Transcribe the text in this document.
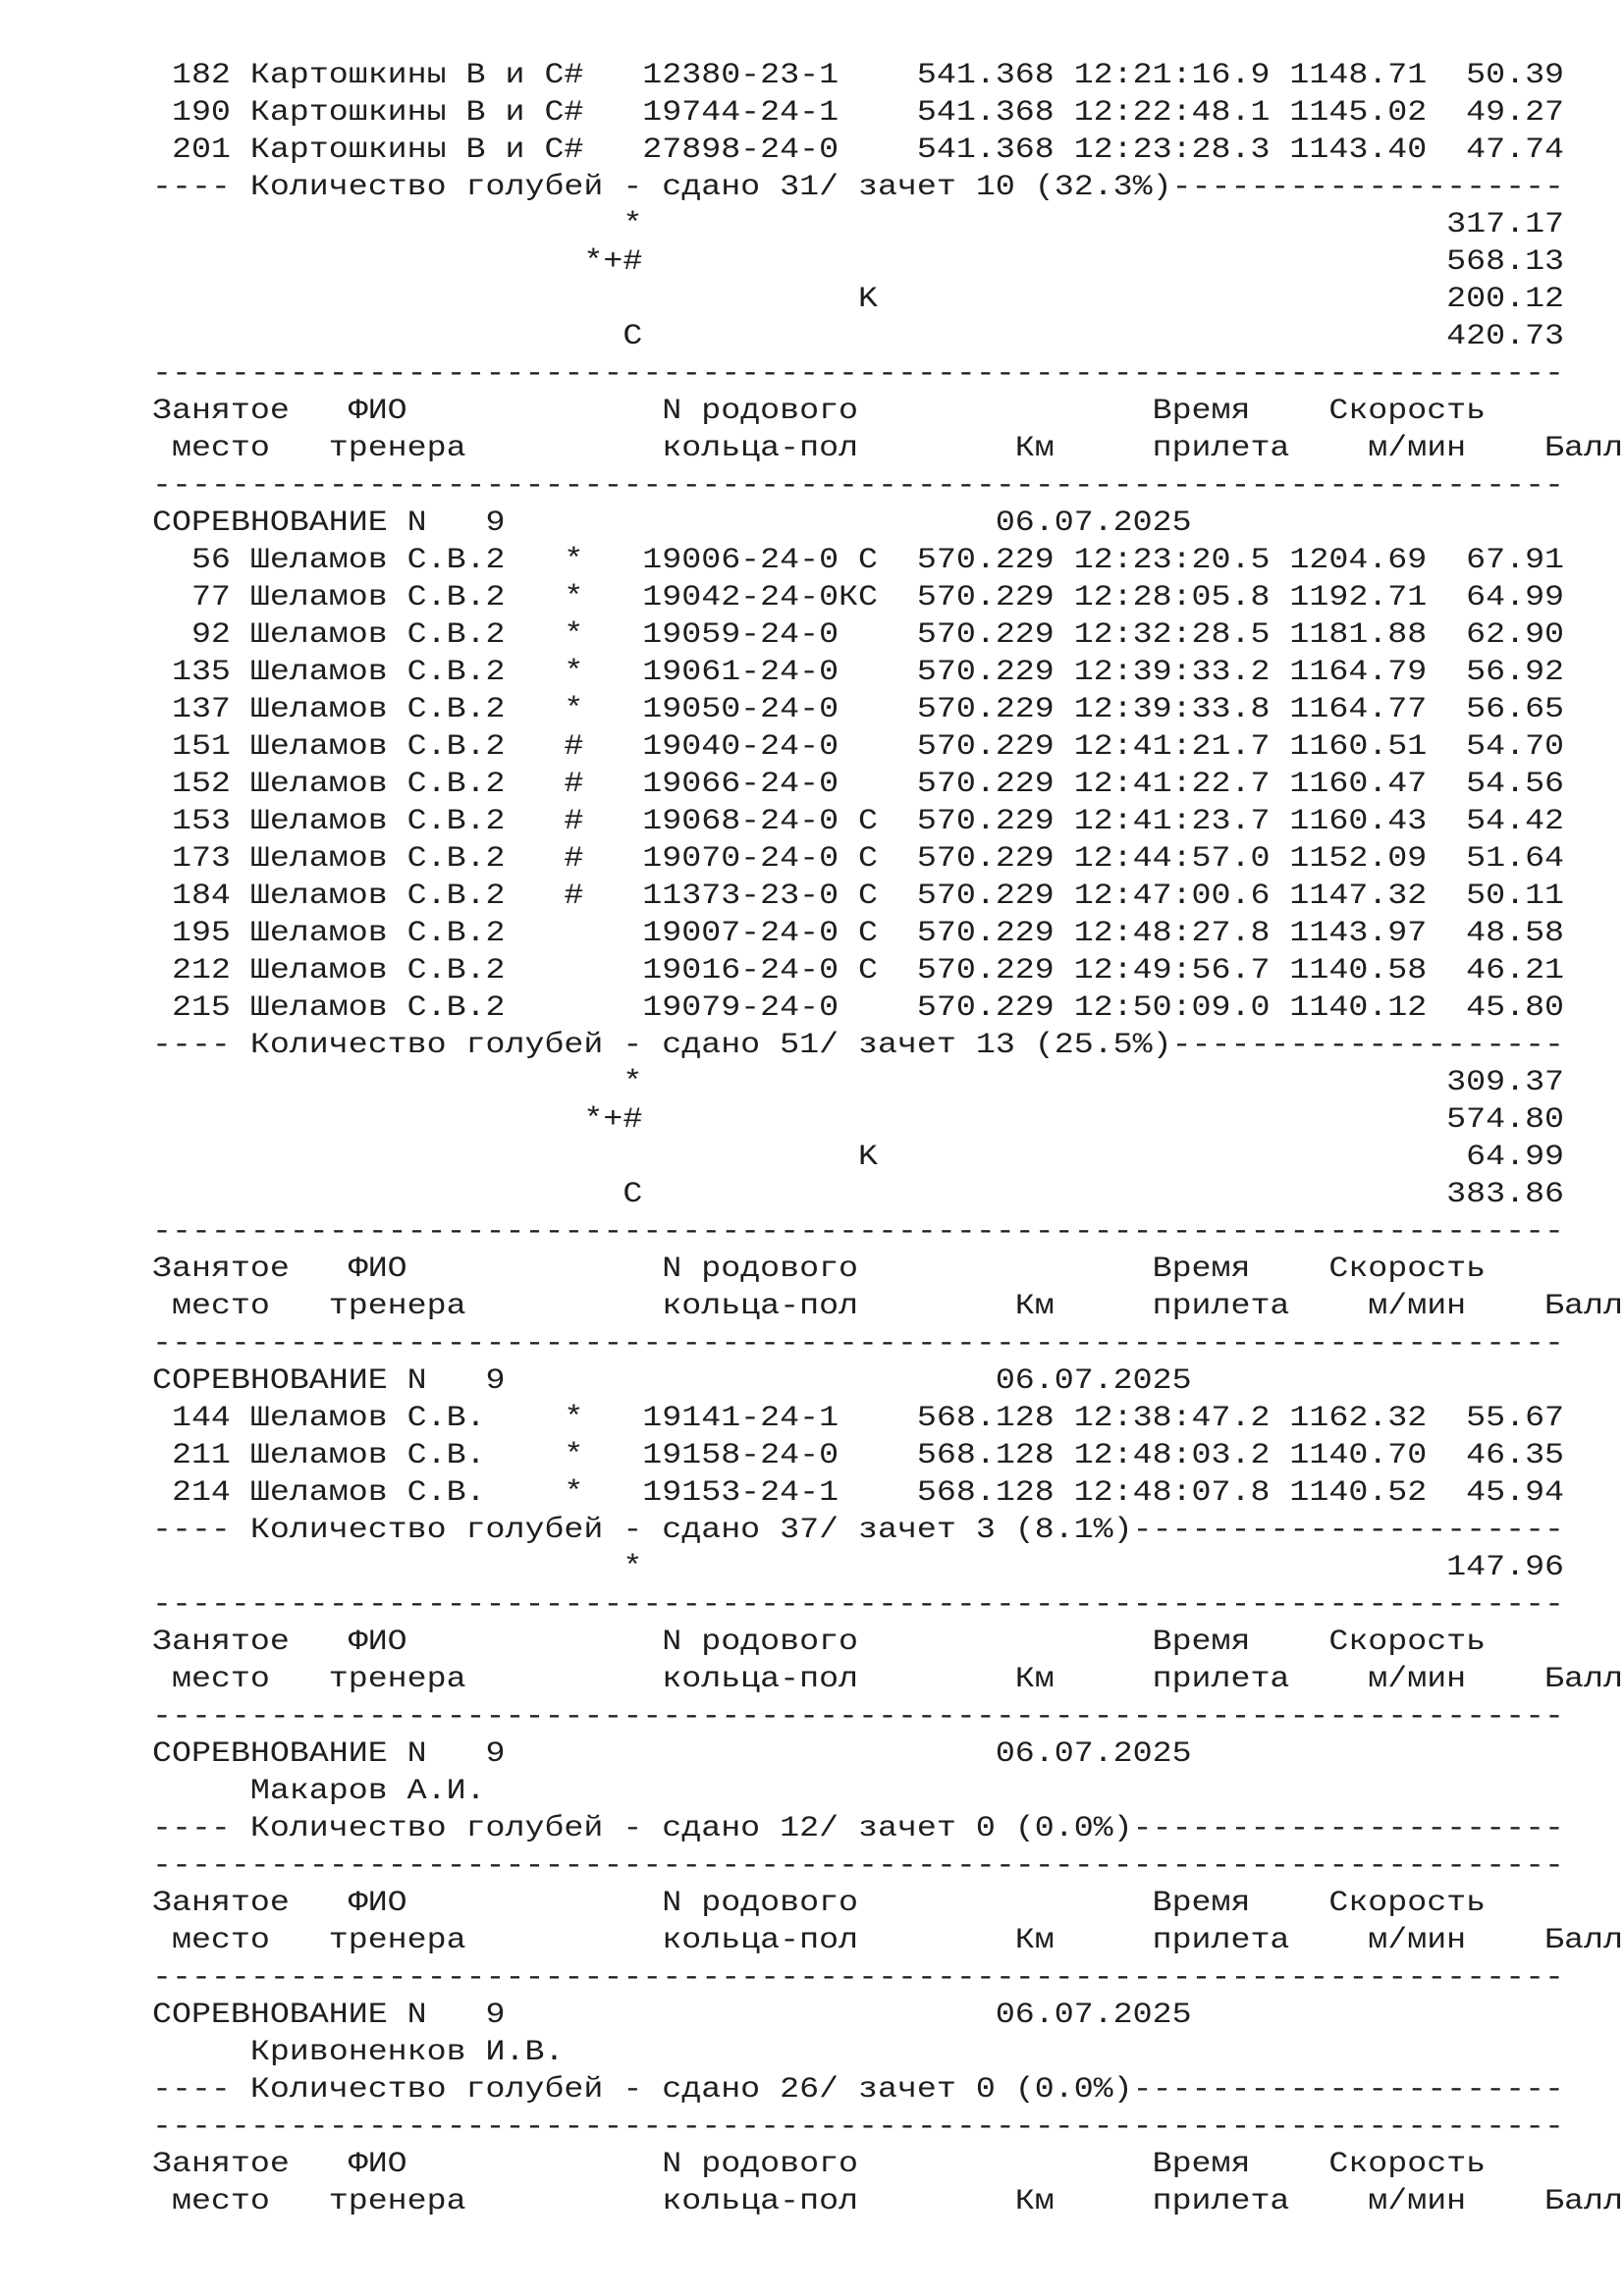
182 Картошкины В и С#   12380-23-1    541.368 12:21:16.9 1148.71  50.39
190 Картошкины В и С#   19744-24-1    541.368 12:22:48.1 1145.02  49.27
201 Картошкины В и С#   27898-24-0    541.368 12:23:28.3 1143.40  47.74
---- Количество голубей - сдано 31/ зачет 10 (32.3%)--------------------
*                                         317.17
*+#                                         568.13
K                             200.12
C                                         420.73
------------------------------------------------------------------------
Занятое   ФИО             N родового               Время    Скорость
место   тренера          кольца-пол        Км     прилета    м/мин    Балл
------------------------------------------------------------------------
СОРЕВНОВАНИЕ N   9                         06.07.2025
56 Шеламов С.В.2   *   19006-24-0 С  570.229 12:23:20.5 1204.69  67.91
77 Шеламов С.В.2   *   19042-24-0КС  570.229 12:28:05.8 1192.71  64.99
92 Шеламов С.В.2   *   19059-24-0    570.229 12:32:28.5 1181.88  62.90
135 Шеламов С.В.2   *   19061-24-0    570.229 12:39:33.2 1164.79  56.92
137 Шеламов С.В.2   *   19050-24-0    570.229 12:39:33.8 1164.77  56.65
151 Шеламов С.В.2   #   19040-24-0    570.229 12:41:21.7 1160.51  54.70
152 Шеламов С.В.2   #   19066-24-0    570.229 12:41:22.7 1160.47  54.56
153 Шеламов С.В.2   #   19068-24-0 С  570.229 12:41:23.7 1160.43  54.42
173 Шеламов С.В.2   #   19070-24-0 С  570.229 12:44:57.0 1152.09  51.64
184 Шеламов С.В.2   #   11373-23-0 С  570.229 12:47:00.6 1147.32  50.11
195 Шеламов С.В.2       19007-24-0 С  570.229 12:48:27.8 1143.97  48.58
212 Шеламов С.В.2       19016-24-0 С  570.229 12:49:56.7 1140.58  46.21
215 Шеламов С.В.2       19079-24-0    570.229 12:50:09.0 1140.12  45.80
---- Количество голубей - сдано 51/ зачет 13 (25.5%)--------------------
*                                         309.37
*+#                                         574.80
K                              64.99
C                                         383.86
------------------------------------------------------------------------
Занятое   ФИО             N родового               Время    Скорость
место   тренера          кольца-пол        Км     прилета    м/мин    Балл
------------------------------------------------------------------------
СОРЕВНОВАНИЕ N   9                         06.07.2025
144 Шеламов С.В.    *   19141-24-1    568.128 12:38:47.2 1162.32  55.67
211 Шеламов С.В.    *   19158-24-0    568.128 12:48:03.2 1140.70  46.35
214 Шеламов С.В.    *   19153-24-1    568.128 12:48:07.8 1140.52  45.94
---- Количество голубей - сдано 37/ зачет 3 (8.1%)----------------------
*                                         147.96
------------------------------------------------------------------------
Занятое   ФИО             N родового               Время    Скорость
место   тренера          кольца-пол        Км     прилета    м/мин    Балл
------------------------------------------------------------------------
СОРЕВНОВАНИЕ N   9                         06.07.2025
Макаров А.И.
---- Количество голубей - сдано 12/ зачет 0 (0.0%)----------------------
------------------------------------------------------------------------
Занятое   ФИО             N родового               Время    Скорость
место   тренера          кольца-пол        Км     прилета    м/мин    Балл
------------------------------------------------------------------------
СОРЕВНОВАНИЕ N   9                         06.07.2025
Кривоненков И.В.
---- Количество голубей - сдано 26/ зачет 0 (0.0%)----------------------
------------------------------------------------------------------------
Занятое   ФИО             N родового               Время    Скорость
место   тренера          кольца-пол        Км     прилета    м/мин    Балл
